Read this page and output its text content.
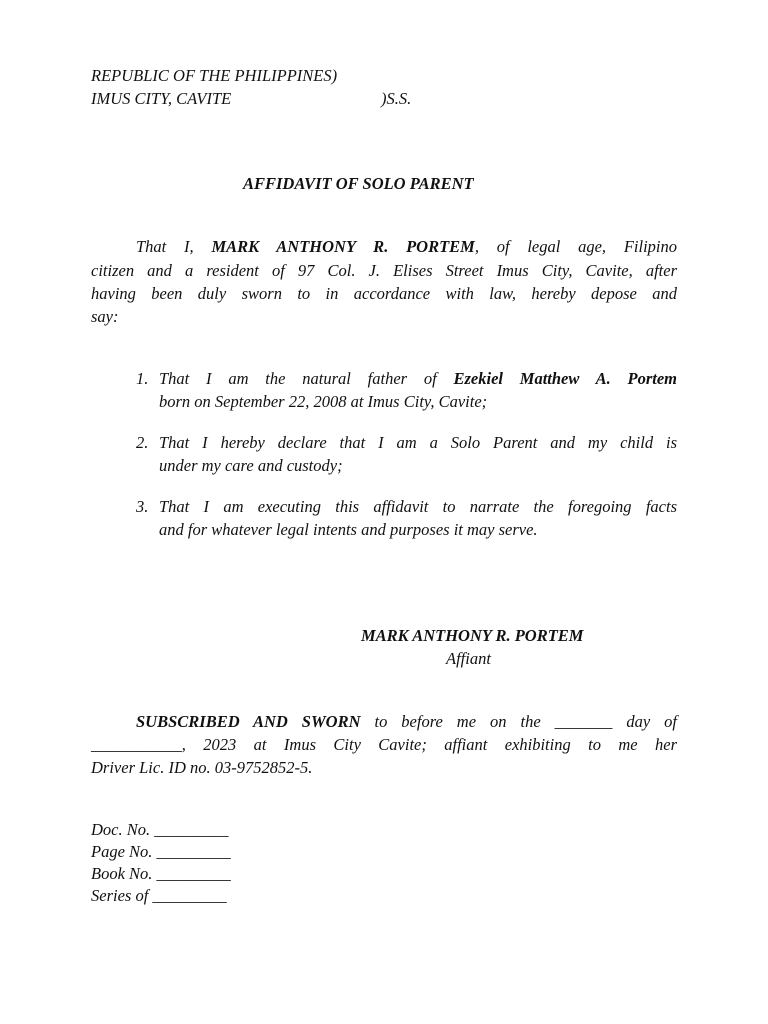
REPUBLIC OF THE PHILIPPINES)
IMUS CITY, CAVITE	)S.S.
AFFIDAVIT OF SOLO PARENT
That I, MARK ANTHONY R. PORTEM, of legal age, Filipino
citizen and a resident of 97 Col. J. Elises Street Imus City, Cavite, after
having been duly sworn to in accordance with law, hereby depose and
say:
1. That I am the natural father of Ezekiel Matthew A. Portem
born on September 22, 2008 at Imus City, Cavite;
2. That I hereby declare that I am a Solo Parent and my child is
under my care and custody;
3. That I am executing this affidavit to narrate the foregoing facts
and for whatever legal intents and purposes it may serve.
MARK ANTHONY R. PORTEM
Affiant
SUBSCRIBED AND SWORN to before me on the _______ day of
___________, 2023 at Imus City Cavite; affiant exhibiting to me her
Driver Lic. ID no. 03-9752852-5.
Doc. No. _________
Page No. _________
Book No. _________
Series of _________
